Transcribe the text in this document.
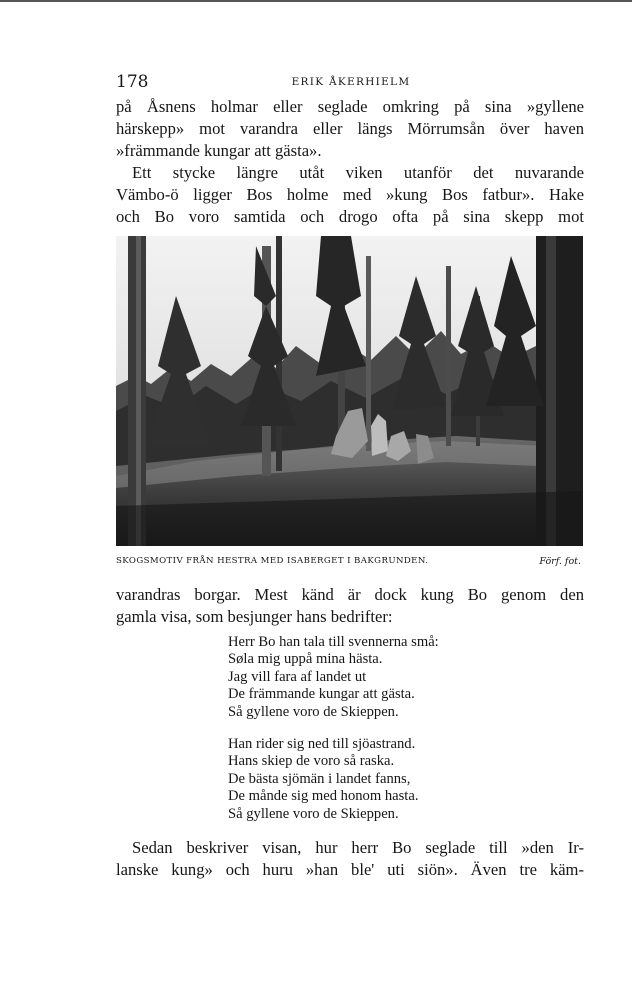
178	ERIK ÅKERHIELM
på Åsnens holmar eller seglade omkring på sina »gyllene
härskepp» mot varandra eller längs Mörrumsån över haven
»främmande kungar att gästa».
Ett stycke längre utåt viken utanför det nuvarande
Vämbo-ö ligger Bos holme med »kung Bos fatbur». Hake
och Bo voro samtida och drogo ofta på sina skepp mot
SKOGSMOTIV FRÅN HESTRA MED ISABERGET I BAKGRUNDEN.	Förf. fot.
varandras borgar. Mest känd är dock kung Bo genom den
gamla visa, som besjunger hans bedrifter:
Herr Bo han tala till svennerna små:
Søla mig uppå mina hästa.
Jag vill fara af landet ut
De främmande kungar att gästa.
Så gyllene voro de Skieppen.
Han rider sig ned till sjöastrand.
Hans skiep de voro så raska.
De bästa sjömän i landet fanns,
De månde sig med honom hasta.
Så gyllene voro de Skieppen.
Sedan beskriver visan, hur herr Bo seglade till »den Ir-
lanske kung» och huru »han ble' uti siön». Även tre käm-
